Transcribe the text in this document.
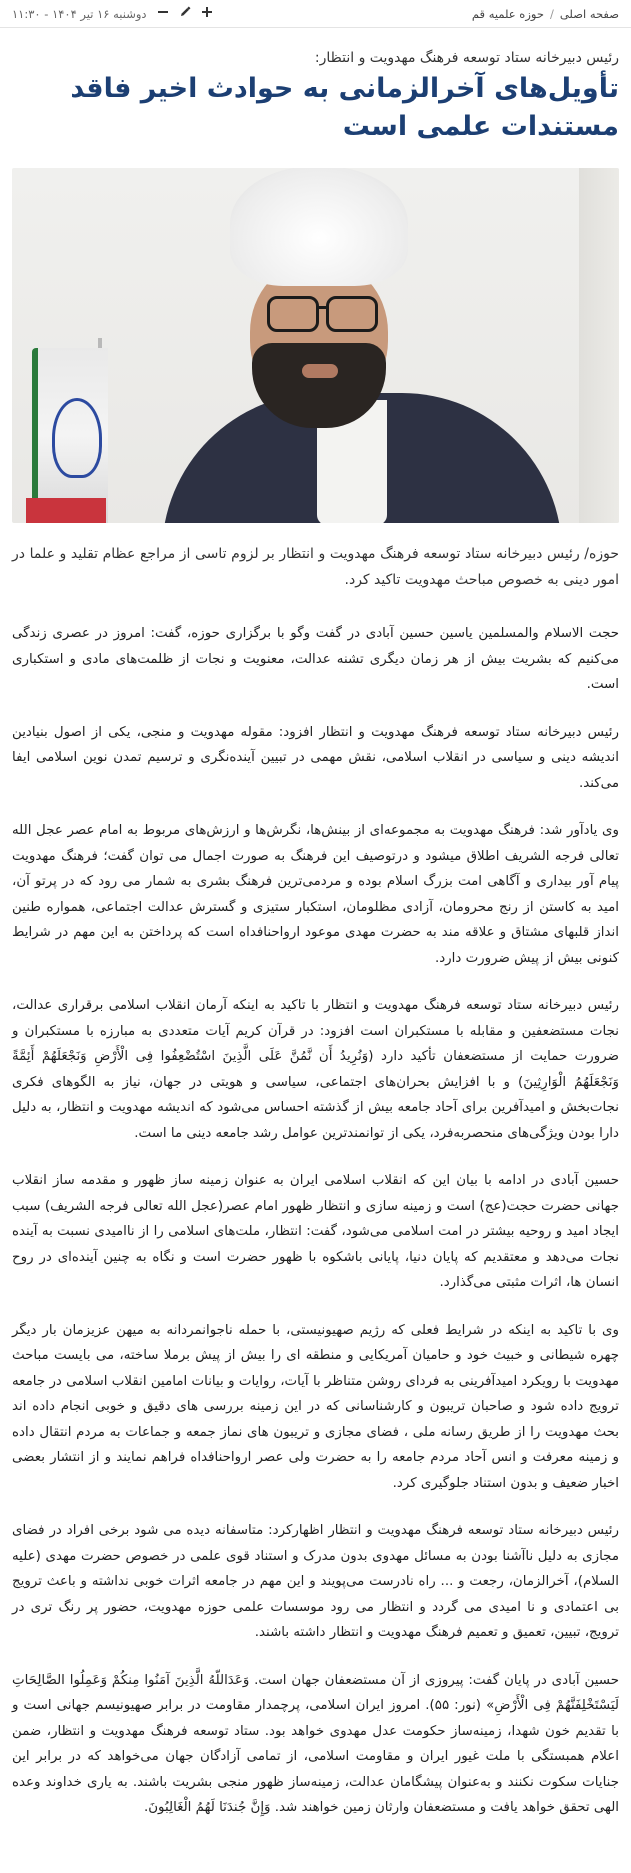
صفحه اصلی
/
حوزه علمیه قم
دوشنبه ۱۶ تیر ۱۴۰۴ - ۱۱:۳۰
رئیس دبیرخانه ستاد توسعه فرهنگ مهدویت و انتظار:
تأویل‌های آخرالزمانی به حوادث اخیر فاقد مستندات علمی است
حوزه/ رئیس دبیرخانه ستاد توسعه فرهنگ مهدویت و انتظار بر لزوم تاسی از مراجع عظام تقلید و علما در امور دینی به خصوص مباحث مهدویت تاکید کرد.

حجت الاسلام والمسلمین یاسین حسین آبادی در گفت وگو با برگزاری حوزه، گفت: امروز در عصری زندگی می‌کنیم که بشریت بیش از هر زمان دیگری تشنه عدالت، معنویت و نجات از ظلمت‌های مادی و استکباری است.

رئیس دبیرخانه ستاد توسعه فرهنگ مهدویت و انتظار افزود: مقوله مهدویت و منجی، یکی از اصول بنیادین اندیشه دینی و سیاسی در انقلاب اسلامی، نقش مهمی در تبیین آینده‌نگری و ترسیم تمدن نوین اسلامی ایفا می‌کند.

وی یادآور شد: فرهنگ مهدویت به مجموعه‌ای از بینش‌ها، نگرش‌ها و ارزش‌های مربوط به امام عصر عجل الله تعالی فرجه الشریف اطلاق میشود و درتوصیف این فرهنگ به صورت اجمال می توان گفت؛ فرهنگ مهدویت پیام آور بیداری و آگاهی امت بزرگ اسلام بوده و مردمی‌ترین فرهنگ بشری به شمار می رود که در پرتو آن، امید به کاستن از رنج محرومان، آزادی مظلومان، استکبار ستیزی و گسترش عدالت اجتماعی، همواره طنین انداز قلبهای مشتاق و علاقه مند به حضرت مهدی موعود ارواحنافداه است که پرداختن به این مهم در شرایط کنونی بیش از پیش ضرورت دارد.

رئیس دبیرخانه ستاد توسعه فرهنگ مهدویت و انتظار با تاکید به اینکه آرمان انقلاب اسلامی برقراری عدالت، نجات مستضعفین و مقابله با مستکبران است افزود: در قرآن کریم آیات متعددی به مبارزه با مستکبران و ضرورت حمایت از مستضعفان تأکید دارد (وَنُرِیدُ أَن نَّمُنَّ عَلَى الَّذِینَ اسْتُضْعِفُوا فِی الْأَرْضِ وَنَجْعَلَهُمْ أَئِمَّةً وَنَجْعَلَهُمُ الْوَارِثِینَ) و با افزایش بحران‌های اجتماعی، سیاسی و هویتی در جهان، نیاز به الگوهای فکری نجات‌بخش و امیدآفرین برای آحاد جامعه بیش از گذشته احساس می‌شود که اندیشه مهدویت و انتظار، به دلیل دارا بودن ویژگی‌های منحصربه‌فرد، یکی از توانمندترین عوامل رشد جامعه دینی ما است.

حسین آبادی در ادامه با بیان این که انقلاب اسلامی ایران به عنوان زمینه ساز ظهور و مقدمه ساز انقلاب جهانی حضرت حجت(عج) است و زمینه سازی و انتظار ظهور امام عصر(عجل الله تعالی فرجه الشریف) سبب ایجاد امید و روحیه بیشتر در امت اسلامی می‌شود، گفت: انتظار، ملت‌های اسلامی را از ناامیدی نسبت به آینده نجات می‌دهد و معتقدیم که پایان دنیا، پایانی باشکوه با ظهور حضرت است و نگاه به چنین آینده‌ای در روح انسان ها، اثرات مثبتی می‌گذارد.

وی با تاکید به اینکه در شرایط فعلی که رژیم صهیونیستی، با حمله ناجوانمردانه به میهن عزیزمان بار دیگر چهره شیطانی و خبیث خود و حامیان آمریکایی و منطقه ای را بیش از پیش برملا ساخته، می بایست مباحث مهدویت با رویکرد امیدآفرینی به فردای روشن متناظر با آیات، روایات و بیانات امامین انقلاب اسلامی در جامعه ترویج داده شود و صاحبان تریبون و کارشناسانی که در این زمینه بررسی های دقیق و خوبی انجام داده اند بحث مهدویت را از طریق رسانه ملی ، فضای مجازی و تریبون های نماز جمعه و جماعات به مردم انتقال داده و زمینه معرفت و انس آحاد مردم جامعه را به حضرت ولی عصر ارواحنافداه فراهم نمایند و از انتشار بعضی اخبار ضعیف و بدون استناد جلوگیری کرد.

رئیس دبیرخانه ستاد توسعه فرهنگ مهدویت و انتظار اظهارکرد: متاسفانه دیده می شود برخی افراد در فضای مجازی به دلیل ناآشنا بودن به مسائل مهدوی بدون مدرک و استناد قوی علمی در خصوص حضرت مهدی (علیه السلام)، آخرالزمان، رجعت و ... راه نادرست می‌پویند و این مهم در جامعه اثرات خوبی نداشته و باعث ترویج بی اعتمادی و نا امیدی می گردد و انتظار می رود موسسات علمی حوزه مهدویت، حضور پر رنگ تری در ترویج، تبیین، تعمیق و تعمیم فرهنگ مهدویت و انتظار داشته باشند.

حسین آبادی در پایان گفت: پیروزی از آن مستضعفان جهان است. وَعَدَاللّهُ الَّذِینَ آمَنُوا مِنکُمْ وَعَمِلُوا الصَّالِحَاتِ لَیَسْتَخْلِفَنَّهُمْ فِی الْأَرْضِ» (نور: ۵۵). امروز ایران اسلامی، پرچمدار مقاومت در برابر صهیونیسم جهانی است و با تقدیم خون شهدا، زمینه‌ساز حکومت عدل مهدوی خواهد بود. ستاد توسعه فرهنگ مهدویت و انتظار، ضمن اعلام همبستگی با ملت غیور ایران و مقاومت اسلامی، از تمامی آزادگان جهان می‌خواهد که در برابر این جنایات سکوت نکنند و به‌عنوان پیشگامان عدالت، زمینه‌ساز ظهور منجی بشریت باشند. به یاری خداوند وعده الهی تحقق خواهد یافت و مستضعفان وارثان زمین خواهند شد. وَإِنَّ جُندَنَا لَهُمُ الْغَالِبُونَ.
